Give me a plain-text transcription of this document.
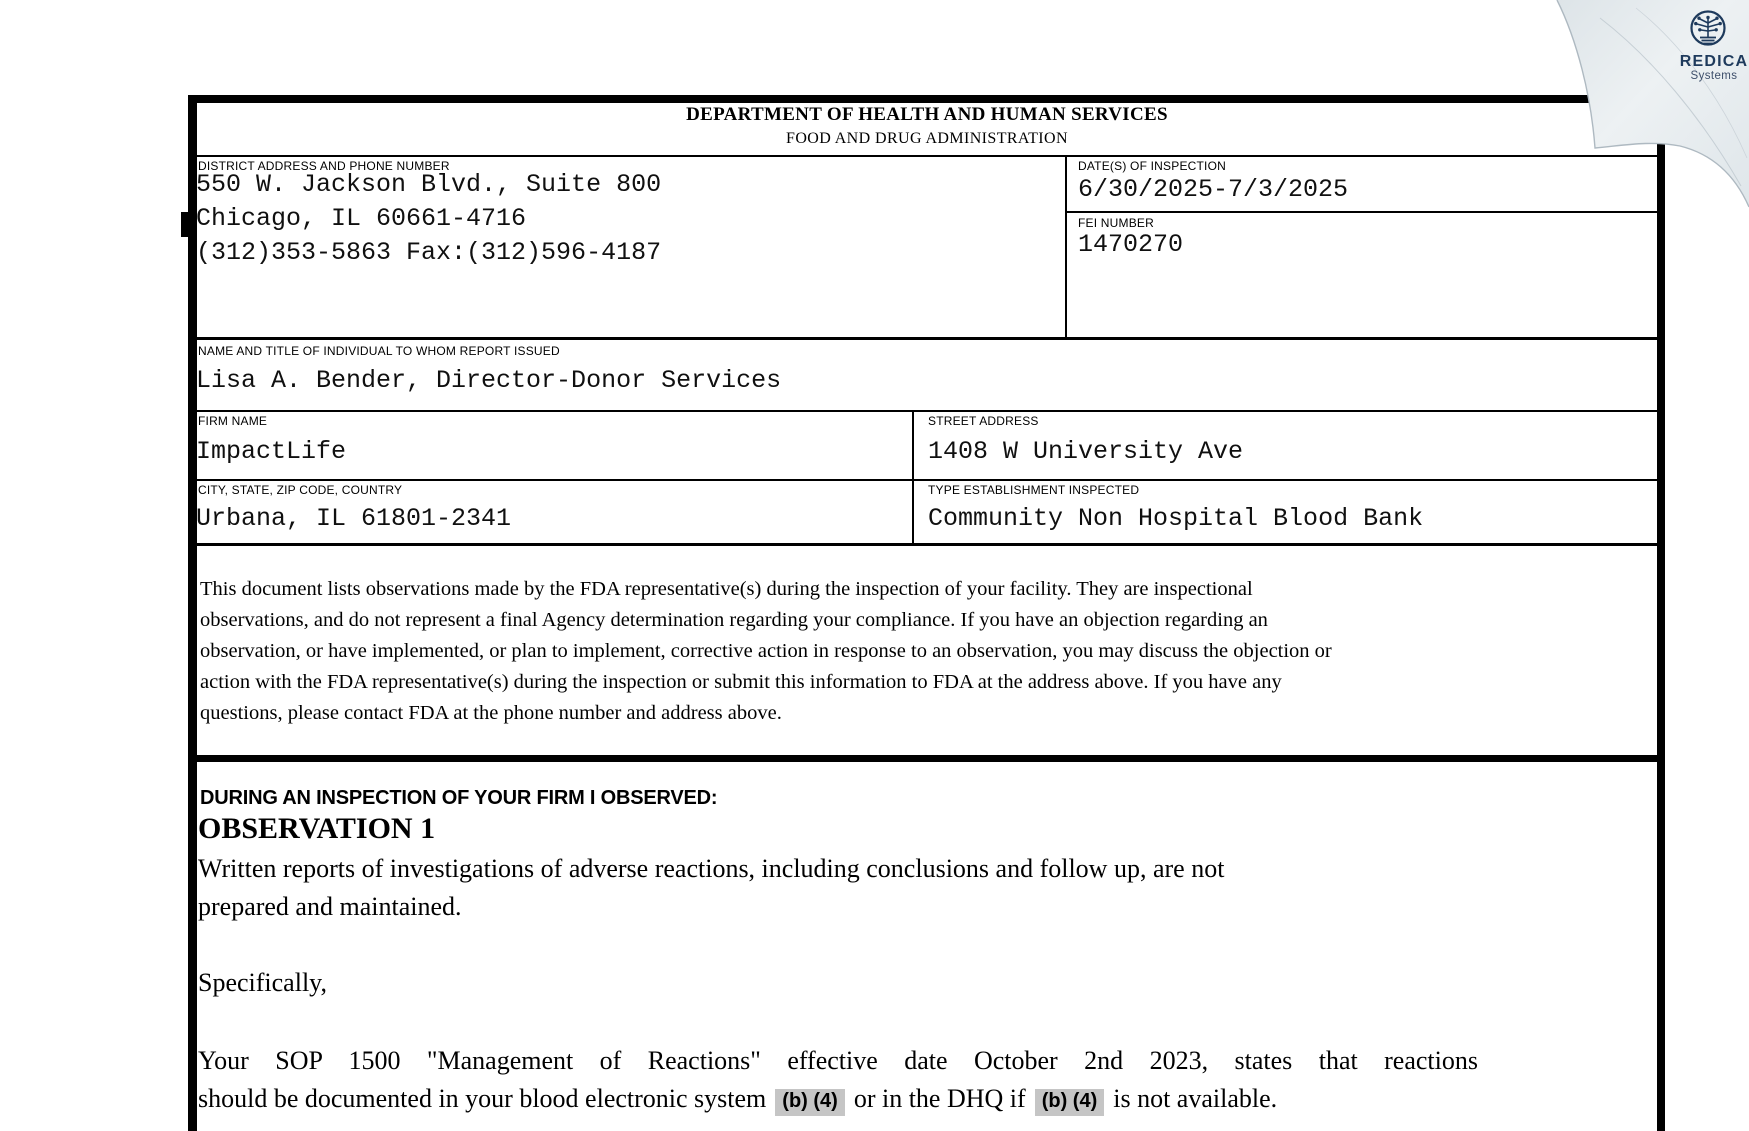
DEPARTMENT OF HEALTH AND HUMAN SERVICES
FOOD AND DRUG ADMINISTRATION
DISTRICT ADDRESS AND PHONE NUMBER
550 W. Jackson Blvd., Suite 800
Chicago, IL 60661-4716
(312)353-5863 Fax:(312)596-4187
DATE(S) OF INSPECTION
6/30/2025-7/3/2025
FEI NUMBER
1470270
NAME AND TITLE OF INDIVIDUAL TO WHOM REPORT ISSUED
Lisa A. Bender, Director-Donor Services
FIRM NAME
ImpactLife
STREET ADDRESS
1408 W University Ave
CITY, STATE, ZIP CODE, COUNTRY
Urbana, IL 61801-2341
TYPE ESTABLISHMENT INSPECTED
Community Non Hospital Blood Bank
This document lists observations made by the FDA representative(s) during the inspection of your facility. They are inspectional
observations, and do not represent a final Agency determination regarding your compliance. If you have an objection regarding an
observation, or have implemented, or plan to implement, corrective action in response to an observation, you may discuss the objection or
action with the FDA representative(s) during the inspection or submit this information to FDA at the address above. If you have any
questions, please contact FDA at the phone number and address above.
DURING AN INSPECTION OF YOUR FIRM I OBSERVED:
OBSERVATION 1
Written reports of investigations of adverse reactions, including conclusions and follow up, are not
prepared and maintained.
Specifically,
Your SOP 1500 "Management of Reactions" effective date October 2nd 2023, states that reactions
should be documented in your blood electronic system (b) (4) or in the DHQ if (b) (4) is not available.
REDICA
Systems
